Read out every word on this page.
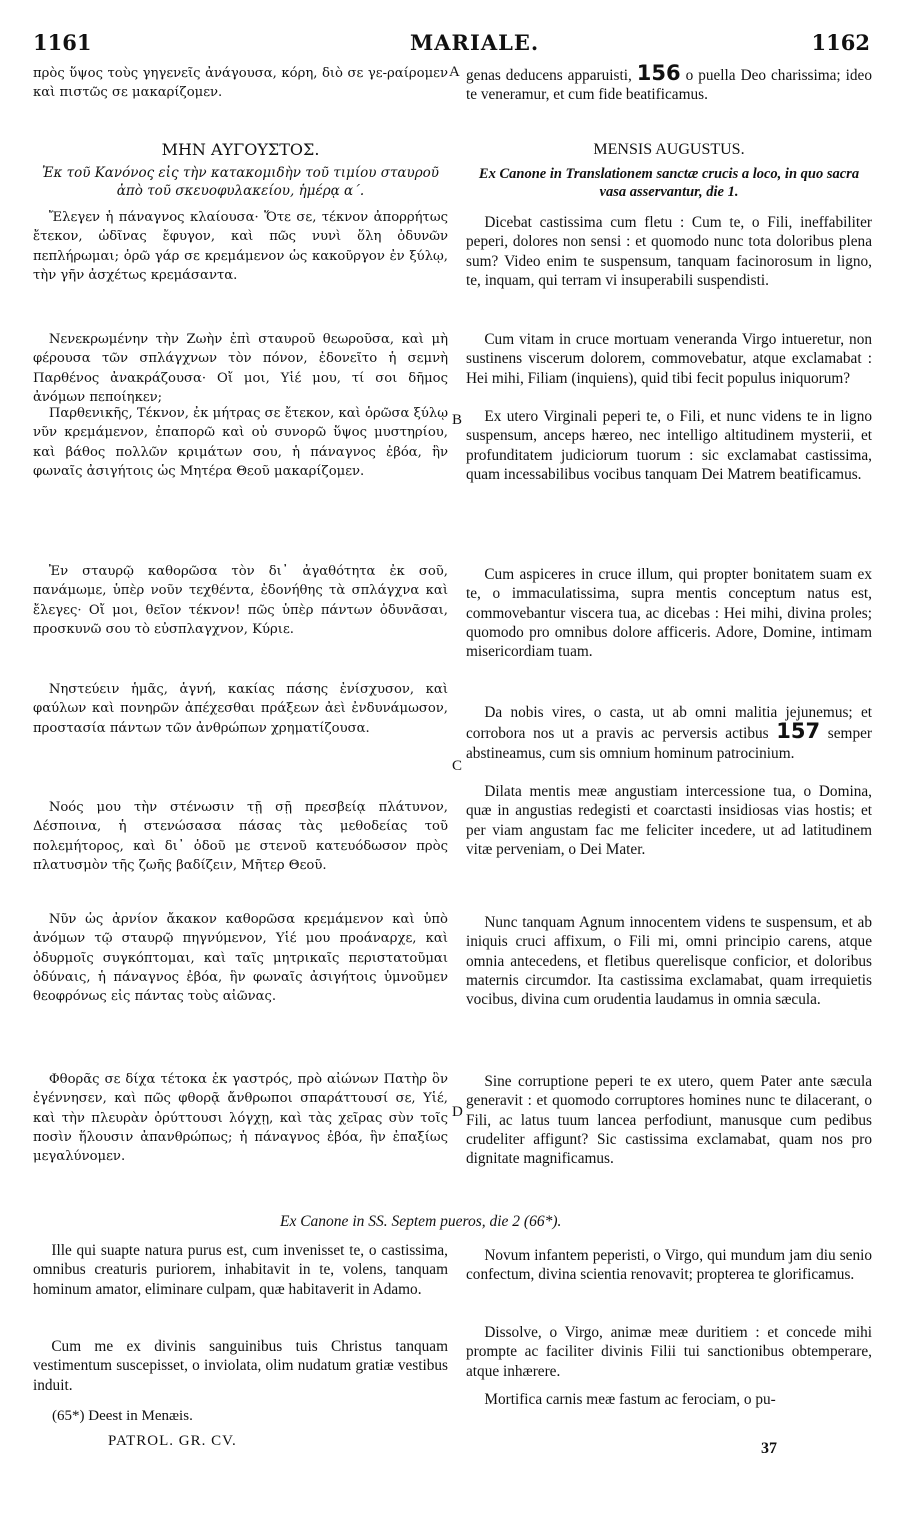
1161	MARIALE.	1162
A
B
C
D

πρὸς ὕψος τοὺς γηγενεῖς ἀνάγουσα, κόρη, διὸ σε γε-ραίρομεν καὶ πιστῶς σε μακαρίζομεν.

ΜΗΝ ΑΥΓΟΥΣΤΟΣ.
Ἐκ τοῦ Κανόνος εἰς τὴν κατακομιδὴν τοῦ τιμίου σταυροῦ ἀπὸ τοῦ σκευοφυλακείου, ἡμέρᾳ α΄.

Ἔλεγεν ἡ πάναγνος κλαίουσα· Ὅτε σε, τέκνον ἀπορρήτως ἔτεκον, ὠδῖνας ἔφυγον, καὶ πῶς νυνὶ ὅλη ὀδυνῶν πεπλήρωμαι; ὁρῶ γάρ σε κρεμάμενον ὡς κακοῦργον ἐν ξύλῳ, τὴν γῆν ἀσχέτως κρεμάσαντα.

Νενεκρωμένην τὴν Ζωὴν ἐπὶ σταυροῦ θεωροῦσα, καὶ μὴ φέρουσα τῶν σπλάγχνων τὸν πόνον, ἐδονεῖτο ἡ σεμνὴ Παρθένος ἀνακράζουσα· Οἴ μοι, Υἱέ μου, τί σοι δῆμος ἀνόμων πεποίηκεν;

Παρθενικῆς, Τέκνον, ἐκ μήτρας σε ἔτεκον, καὶ ὁρῶσα ξύλῳ νῦν κρεμάμενον, ἐπαπορῶ καὶ οὐ συνορῶ ὕψος μυστηρίου, καὶ βάθος πολλῶν κριμάτων σου, ἡ πάναγνος ἐβόα, ἣν φωναῖς ἀσιγήτοις ὡς Μητέρα Θεοῦ μακαρίζομεν.

Ἐν σταυρῷ καθορῶσα τὸν δι᾿ ἀγαθότητα ἐκ σοῦ, πανάμωμε, ὑπὲρ νοῦν τεχθέντα, ἐδονήθης τὰ σπλάγχνα καὶ ἔλεγες· Οἴ μοι, θεῖον τέκνον! πῶς ὑπὲρ πάντων ὀδυνᾶσαι, προσκυνῶ σου τὸ εὐσπλαγχνον, Κύριε.

Νηστεύειν ἡμᾶς, ἁγνή, κακίας πάσης ἐνίσχυσον, καὶ φαύλων καὶ πονηρῶν ἀπέχεσθαι πράξεων ἀεὶ ἐνδυνάμωσον, προστασία πάντων τῶν ἀνθρώπων χρηματίζουσα.

Νοός μου τὴν στένωσιν τῇ σῇ πρεσβείᾳ πλάτυνον, Δέσποινα, ἡ στενώσασα πάσας τὰς μεθοδείας τοῦ πολεμήτορος, καὶ δι᾿ ὁδοῦ με στενοῦ κατευόδωσον πρὸς πλατυσμὸν τῆς ζωῆς βαδίζειν, Μῆτερ Θεοῦ.

Νῦν ὡς ἀρνίον ἄκακον καθορῶσα κρεμάμενον καὶ ὑπὸ ἀνόμων τῷ σταυρῷ πηγνύμενον, Υἱέ μου προάναρχε, καὶ ὀδυρμοῖς συγκόπτομαι, καὶ ταῖς μητρικαῖς περιστατοῦμαι ὀδύναις, ἡ πάναγνος ἐβόα, ἣν φωναῖς ἀσιγήτοις ὑμνοῦμεν θεοφρόνως εἰς πάντας τοὺς αἰῶνας.

Φθορᾶς σε δίχα τέτοκα ἐκ γαστρός, πρὸ αἰώνων Πατὴρ ὃν ἐγέννησεν, καὶ πῶς φθορᾷ ἄνθρωποι σπαράττουσί σε, Υἱέ, καὶ τὴν πλευρὰν ὀρύττουσι λόγχῃ, καὶ τὰς χεῖρας σὺν τοῖς ποσὶν ἥλουσιν ἀπανθρώπως; ἡ πάναγνος ἐβόα, ἣν ἐπαξίως μεγαλύνομεν.

genas deducens apparuisti, 156 o puella Deo charissima; ideo te veneramur, et cum fide beatificamus.

MENSIS AUGUSTUS.
Ex Canone in Translationem sanctæ crucis a loco, in quo sacra vasa asservantur, die 1.

Dicebat castissima cum fletu : Cum te, o Fili, ineffabiliter peperi, dolores non sensi : et quomodo nunc tota doloribus plena sum? Video enim te suspensum, tanquam facinorosum in ligno, te, inquam, qui terram vi insuperabili suspendisti.

Cum vitam in cruce mortuam veneranda Virgo intueretur, non sustinens viscerum dolorem, commovebatur, atque exclamabat : Hei mihi, Filiam (inquiens), quid tibi fecit populus iniquorum?

Ex utero Virginali peperi te, o Fili, et nunc videns te in ligno suspensum, anceps hæreo, nec intelligo altitudinem mysterii, et profunditatem judiciorum tuorum : sic exclamabat castissima, quam incessabilibus vocibus tanquam Dei Matrem beatificamus.

Cum aspiceres in cruce illum, qui propter bonitatem suam ex te, o immaculatissima, supra mentis conceptum natus est, commovebantur viscera tua, ac dicebas : Hei mihi, divina proles; quomodo pro omnibus dolore afficeris. Adore, Domine, intimam misericordiam tuam.

Da nobis vires, o casta, ut ab omni malitia jejunemus; et corrobora nos ut a pravis ac perversis actibus 157 semper abstineamus, cum sis omnium hominum patrocinium.

Dilata mentis meæ angustiam intercessione tua, o Domina, quæ in angustias redegisti et coarctasti insidiosas vias hostis; et per viam angustam fac me feliciter incedere, ut ad latitudinem vitæ perveniam, o Dei Mater.

Nunc tanquam Agnum innocentem videns te suspensum, et ab iniquis cruci affixum, o Fili mi, omni principio carens, atque omnia antecedens, et fletibus querelisque conficior, et doloribus maternis circumdor. Ita castissima exclamabat, quam irrequietis vocibus, divina cum orudentia laudamus in omnia sæcula.

Sine corruptione peperi te ex utero, quem Pater ante sæcula generavit : et quomodo corruptores homines nunc te dilacerant, o Fili, ac latus tuum lancea perfodiunt, manusque cum pedibus crudeliter affigunt? Sic castissima exclamabat, quam nos pro dignitate magnificamus.

Ex Canone in SS. Septem pueros, die 2 (66*).

Ille qui suapte natura purus est, cum invenisset te, o castissima, omnibus creaturis puriorem, inhabitavit in te, volens, tanquam hominum amator, eliminare culpam, quæ habitaverit in Adamo.

Cum me ex divinis sanguinibus tuis Christus tanquam vestimentum suscepisset, o inviolata, olim nudatum gratiæ vestibus induit.

(65*) Deest in Menæis.
PATROL. GR. CV.

Novum infantem peperisti, o Virgo, qui mundum jam diu senio confectum, divina scientia renovavit; propterea te glorificamus.

Dissolve, o Virgo, animæ meæ duritiem : et concede mihi prompte ac faciliter divinis Filii tui sanctionibus obtemperare, atque inhærere.

Mortifica carnis meæ fastum ac ferociam, o pu-

37
